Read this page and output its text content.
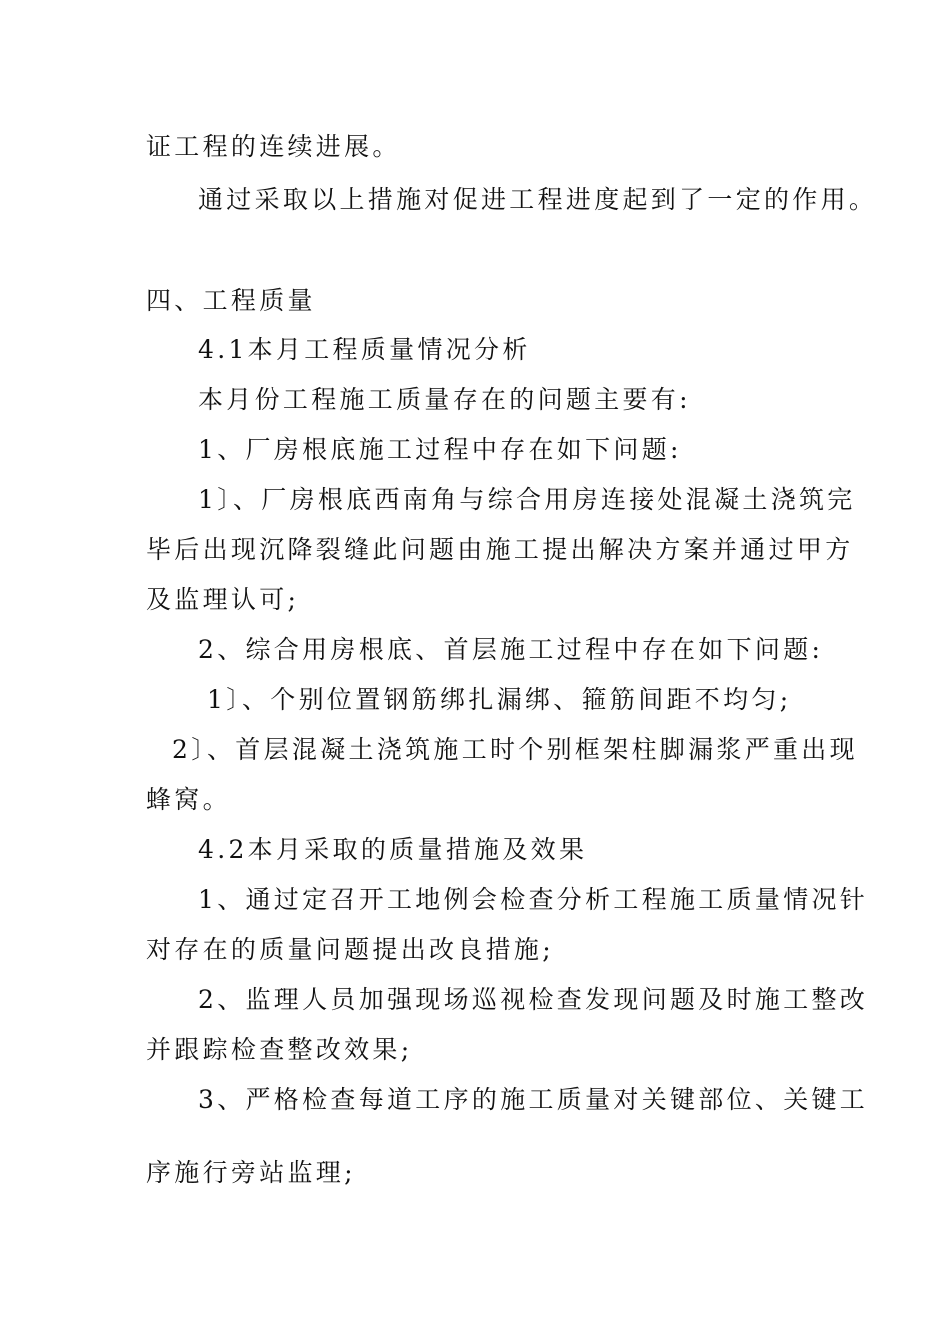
证工程的连续进展。
通过采取以上措施对促进工程进度起到了一定的作用。
四、工程质量
4.1本月工程质量情况分析
本月份工程施工质量存在的问题主要有:
1、厂房根底施工过程中存在如下问题:
1〕、厂房根底西南角与综合用房连接处混凝土浇筑完
毕后出现沉降裂缝此问题由施工提出解决方案并通过甲方
及监理认可;
2、综合用房根底、首层施工过程中存在如下问题:
1〕、个别位置钢筋绑扎漏绑、箍筋间距不均匀;
2〕、首层混凝土浇筑施工时个别框架柱脚漏浆严重出现
蜂窝。
4.2本月采取的质量措施及效果
1、通过定召开工地例会检查分析工程施工质量情况针
对存在的质量问题提出改良措施;
2、监理人员加强现场巡视检查发现问题及时施工整改
并跟踪检查整改效果;
3、严格检查每道工序的施工质量对关键部位、关键工
序施行旁站监理;
